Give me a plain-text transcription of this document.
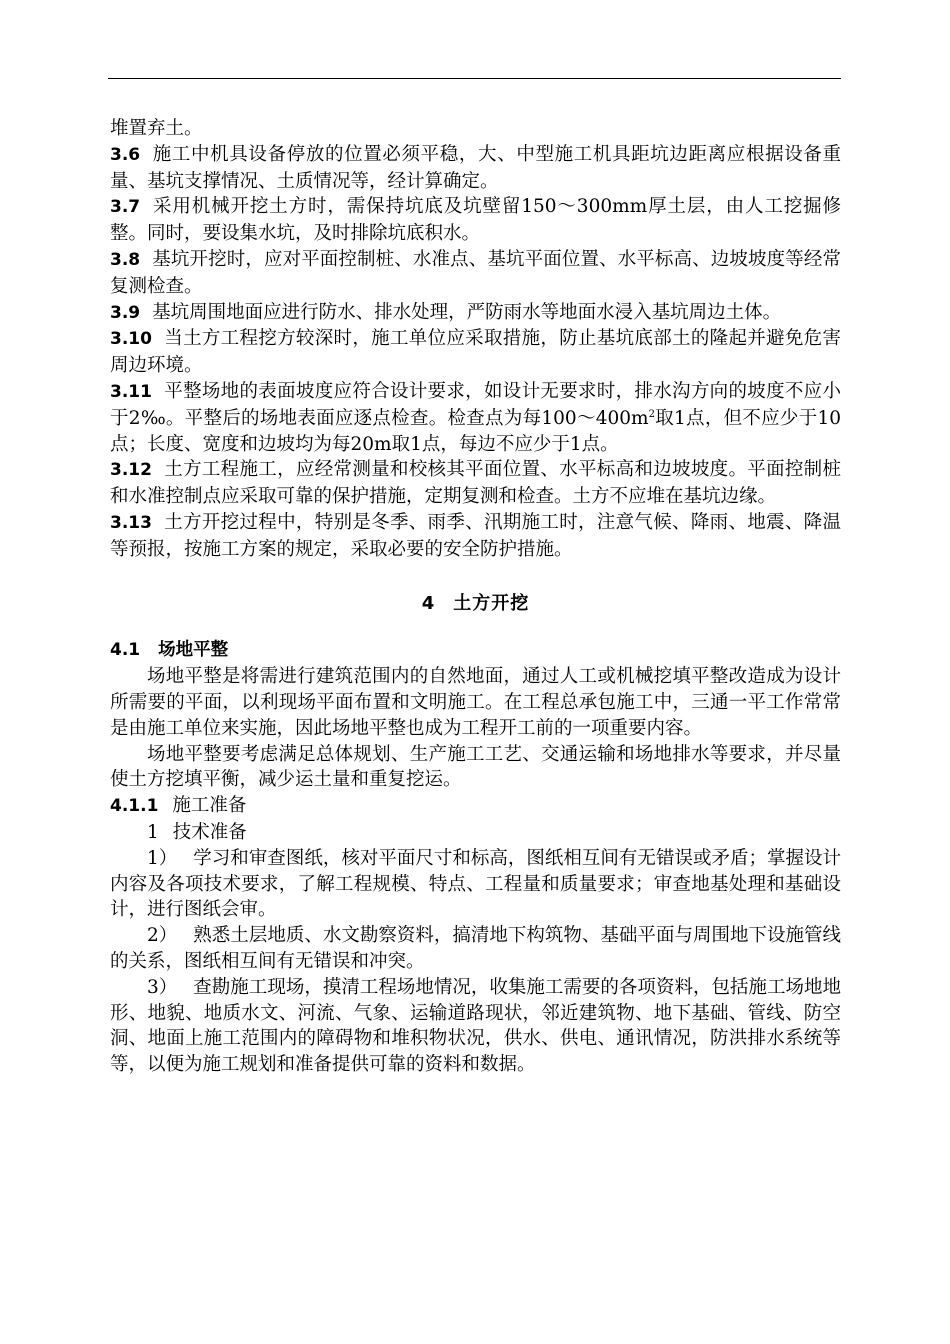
堆置弃土。

3.6 施工中机具设备停放的位置必须平稳，大、中型施工机具距坑边距离应根据设备重量、基坑支撑情况、土质情况等，经计算确定。

3.7 采用机械开挖土方时，需保持坑底及坑壁留150～300mm厚土层，由人工挖掘修整。同时，要设集水坑，及时排除坑底积水。

3.8 基坑开挖时，应对平面控制桩、水准点、基坑平面位置、水平标高、边坡坡度等经常复测检查。

3.9 基坑周围地面应进行防水、排水处理，严防雨水等地面水浸入基坑周边土体。

3.10 当土方工程挖方较深时，施工单位应采取措施，防止基坑底部土的隆起并避免危害周边环境。

3.11 平整场地的表面坡度应符合设计要求，如设计无要求时，排水沟方向的坡度不应小于2‰。平整后的场地表面应逐点检查。检查点为每$100\sim 400m^2$取1点，但不应少于10点；长度、宽度和边坡均为每20m取1点，每边不应少于1点。

3.12 土方工程施工，应经常测量和校核其平面位置、水平标高和边坡坡度。平面控制桩和水准控制点应采取可靠的保护措施，定期复测和检查。土方不应堆在基坑边缘。

3.13 土方开挖过程中，特别是冬季、雨季、汛期施工时，注意气候、降雨、地震、降温等预报，按施工方案的规定，采取必要的安全防护措施。

4 土方开挖

4.1 场地平整

场地平整是将需进行建筑范围内的自然地面，通过人工或机械挖填平整改造成为设计所需要的平面，以利现场平面布置和文明施工。在工程总承包施工中，三通一平工作常常是由施工单位来实施，因此场地平整也成为工程开工前的一项重要内容。

场地平整要考虑满足总体规划、生产施工工艺、交通运输和场地排水等要求，并尽量使土方挖填平衡，减少运土量和重复挖运。

4.1.1 施工准备

1 技术准备

1） 学习和审查图纸，核对平面尺寸和标高，图纸相互间有无错误或矛盾；掌握设计内容及各项技术要求，了解工程规模、特点、工程量和质量要求；审查地基处理和基础设计，进行图纸会审。

2） 熟悉土层地质、水文勘察资料，搞清地下构筑物、基础平面与周围地下设施管线的关系，图纸相互间有无错误和冲突。

3） 查勘施工现场，摸清工程场地情况，收集施工需要的各项资料，包括施工场地地形、地貌、地质水文、河流、气象、运输道路现状，邻近建筑物、地下基础、管线、防空洞、地面上施工范围内的障碍物和堆积物状况，供水、供电、通讯情况，防洪排水系统等等，以便为施工规划和准备提供可靠的资料和数据。
